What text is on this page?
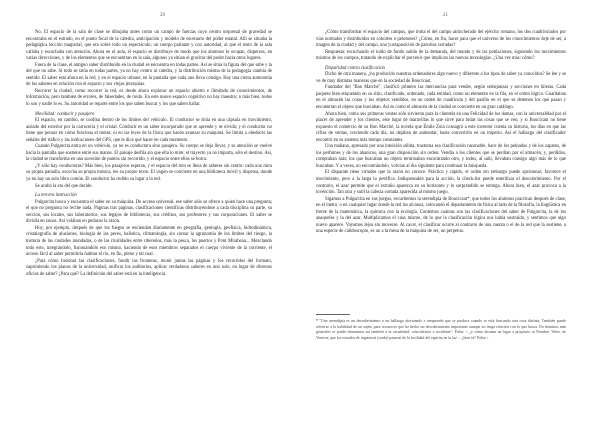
20

No. El espacio de la sala de clase se dibujaba antes como un campo de fuerzas cuyo centro orquestal de gravedad se encontraba en el estrado, en el punto focal de la cátedra, anticipación y modelo de escenario del poder estatal. Allí se situaba la pedagógica lección magistral, que era sobre todo un espectáculo; un cuerpo parlante y con autoridad, al que el resto de la sala callaba y escuchaba con atención. Ahora en el aula, el espacio se distribuye de modo que los alumnos lo ocupan, dispersos, en varias direcciones, y de los elementos que se encuentran en la sala, algunos ya sitúan el gravitar del poder hacia otros lugares.

Fuera de la clase, el antiguo saber distribuido en la ciudad se encuentra en todas partes. Así se sitúa la figura del que sabe y la del que no sabe. Si todo se sitúa en todas partes, ya no hay centro ni cátedra, y la distribución misma de la pedagogía cambia de sentido. El saber está ahora en la red, y en el espacio urbano; en la pantalla que cada uno lleva consigo. Hay una cierta autonomía de los saberes en relación con el espacio y sus viejas jerarquías.

Recorrer la ciudad, como recorrer la red, es desde ahora explorar un espacio abierto e ilimitado de conocimientos, de información, pero también de errores, de falsedades, de ruido. En este nuevo espacio cognitivo no hay maestro; o más bien, todos lo son y nadie lo es. Su autoridad se reparte entre los que saben buscar y los que saben hallar.

Movilidad: conducir y pasajero

El espacio, en cambio, se confina dentro de los límites del vehículo. El conductor se sitúa en una cápsula en movimiento, aislado del exterior por la carrocería y el cristal. Conducir es un saber incorporado que se aprende y se olvida; y el conductor no tiene que pensar en cómo funciona el motor, ni en las leyes de la física que hacen avanzar su máquina. Se limita a obedecer las señales del tráfico y las indicaciones del GPS, que le dice qué hacer en cada momento.

Cuando Pulgarcita entra en un vehículo, ya no es conductora sino pasajera. Su cuerpo se deja llevar, y su atención se vuelve hacia la pantalla que sostiene entre sus manos. El paisaje desfila sin que ella lo mire; el trayecto ya no importa, sólo el destino. Así, la ciudad se transforma en una sucesión de puntos sin recorrido, y el espacio entre ellos se borra.

¿Y sólo hay conductores? Más bien, los pasajeros esperan, y el espacio del tren se llena de saberes sin centro: cada uno mira su propia pantalla, escucha su propia música, lee su propio texto. El vagón se convierte en una biblioteca móvil y dispersa, donde ya no hay un solo libro común. El conductor ha cedido su lugar a la red.

Se acabó la era del que decide.

La tercera instrucción

Pulgarcita busca y encuentra el saber en su máquina. De acceso universal, ese saber sólo se ofrece a quien hace una pregunta; el que no pregunta no recibe nada. Páginas tras páginas, clasificaciones científicas distribuyéndose a cada disciplina su parte, su sección, sus locales, sus laboratorios, sus legajos de bibliotecas, sus créditos, sus profesores y sus corporaciones. El saber se dividía en zonas. Así volaban en pedazos la razón.

Hoy, por ejemplo, después de que los fuegos se enciendan diariamente en geografía, geología, geofísica, hidrodinámica, cristalografía de alusiones, biología de las peces, balística, climatología, sin contar la agronomía de los límites del riesgo, la historia de las ciudades inundadas, o de las rivalidades entre ribereños, más la pesca, los puertos y Pont Mirabeau... Mezclando todo esto, integrándolo, fusionándolo eso mismo, haciendo de esos miembros separados el cuerpo viviente de la corriente, el acceso fácil al saber permitiría habitar el río, en fin, pleno y tal cual.

¿Para cómo fusionar las clasificaciones, fundir las fronteras, reunir juntas las páginas y los recorridos del formato, suprimiendo los planos de la universidad, unificar los auditorios, aplicar verdaderos saberes en uno solo, en lugar de diversos oficios de saber? ¿Para qué? La definición del saber está en la inteligencia.

21

¿Cómo transformar el espacio del campus, que imita el del campo atrincherado del ejército romano, los dos cuadriculados por vías normales y distribuidos en cohortes o pelotones? ¿Cómo, en fin, hacer para que el universo de los conocimientos deje de ser, a imagen de la ciudad y del campo, una yuxtaposición de parcelas cerradas?

Respuesta: escuchando el ruido de fondo salido de la demanda, del mundo y de las poblaciones, siguiendo los movimientos mismos de los cuerpos, tratando de explicitar el porvenir que implican las nuevas tecnologías. ¿Una vez más: cómo?

Disparidad contra clasificación

Dicho de otra manera, ¿ha producido nuestras ordenadores algo nuevo y diferente a los tipos de saber ya conocidos? Se lee y se ve de muy distintas maneras que en la sociedad de Boucicaut.

Fundador del "Bon Marché", clasificó primero las mercancías para vender, según semejanzas y secciones en hileras. Cada paquete bien etiquetado en su sitio, clasificado, ordenado, cada entidad, como un elemento en la fila, en el orden lógico. Guardaban en el almacén las cosas y los objetos vendidos, en un orden de cuadrícula y del pasillo en el que se detienen los que pasan y encuentran el objeto que buscaban. Así es como el almacén de la ciudad se convierte en un gran catálogo.

Ahora bien, como sus primeras ventas sólo sirvieron para la clientela en una Felicidad de los damas, con la universalidad por el placer de aprender y los clientes, este lugar de maravillas lo que sirve para todas las cosas que se ven, y si Boucicaut no tiene expuesto el comercio de su Bon Marché, la novela que Émile Zola consagró a este inventor cuenta su historia, los días en que las cifras de ventas, creciendo cada día, no dejaban de aumentar, hasta convertirlo en un imperio. Así el hallazgo del clasificador encontró en su sistema más tiempo constantes.

Una mañana, apresado por una intuición súbita, trastorna esa clasificación razonable, hace de los peinados y de los zapatos, de los perfumes y de los abanicos, una gran disposición sin orden. Vendía a los clientes que se perdían por el almacén, y, perdidos, compraban más; los que buscaban un objeto terminaban encontrando otro, y todos, al salir, llevaban consigo algo más de lo que buscaban. Y a veces, no encontrándolo, volvían al día siguiente para continuar la búsqueda.

El disparate tiene virtudes que la razón no conoce. Práctico y rápido, el orden sin embargo puede aprisionar; favorece el movimiento, pero a la larga lo petrifica. Indispensable para la acción, la check-list puede esterilizar el descubrimiento. Por el contrario, el azar permite que el extraño aparezca en su horizonte y lo sorprendido se entrega. Ahora bien, el azar provoca a la invención. Tan rara y sutil la cabeza cortada aparecida al mismo juego.

Sigamos a Pulgarcita en sus juegos, escuchemos la serendipia de Boucicaut*, que todos los alumnos practican después de clase, en el metro, o en cualquier lugar donde la red los alcanza, colocando el departamento de física al lado de la filosofía, la lingüística en frente de la matemática, la química con la ecología. Contemos cuántas son las clasificaciones del saber de Pulgarcita, la de los anaqueles y la del azar. Multiplicamos el caos mismo, de lo que la clasificación lógica nos había sustraído, y sentimos que algo nuevo aparece. Vayamos lejos sin moverse. Al cavar, el clasificar ocurre al contrario de una cuenta o el de la red que la sostiene, a una especie de calidoscopio, es un a la mesa de la máquina de ser, un perpetuo.

* "Una serendipia es un descubrimiento o un hallazgo afortunado e inesperado que se produce cuando se está buscando otra cosa distinta. También puede referirse a la habilidad de un sujeto para reconocer que ha hecho un descubrimiento importante aunque no tenga relación con lo que busca. En términos más generales se puede denominar así también a la casualidad, coincidencia o accidente". Pulsa: < ¿y cómo alcanza un lugar a propósito tu Nombre: Velez, de Venecia, que los estudios de ingeniería (sorda) pasaron de la facilidad del espíritu en la luz ... ¿bien tú? Pulsa:>
